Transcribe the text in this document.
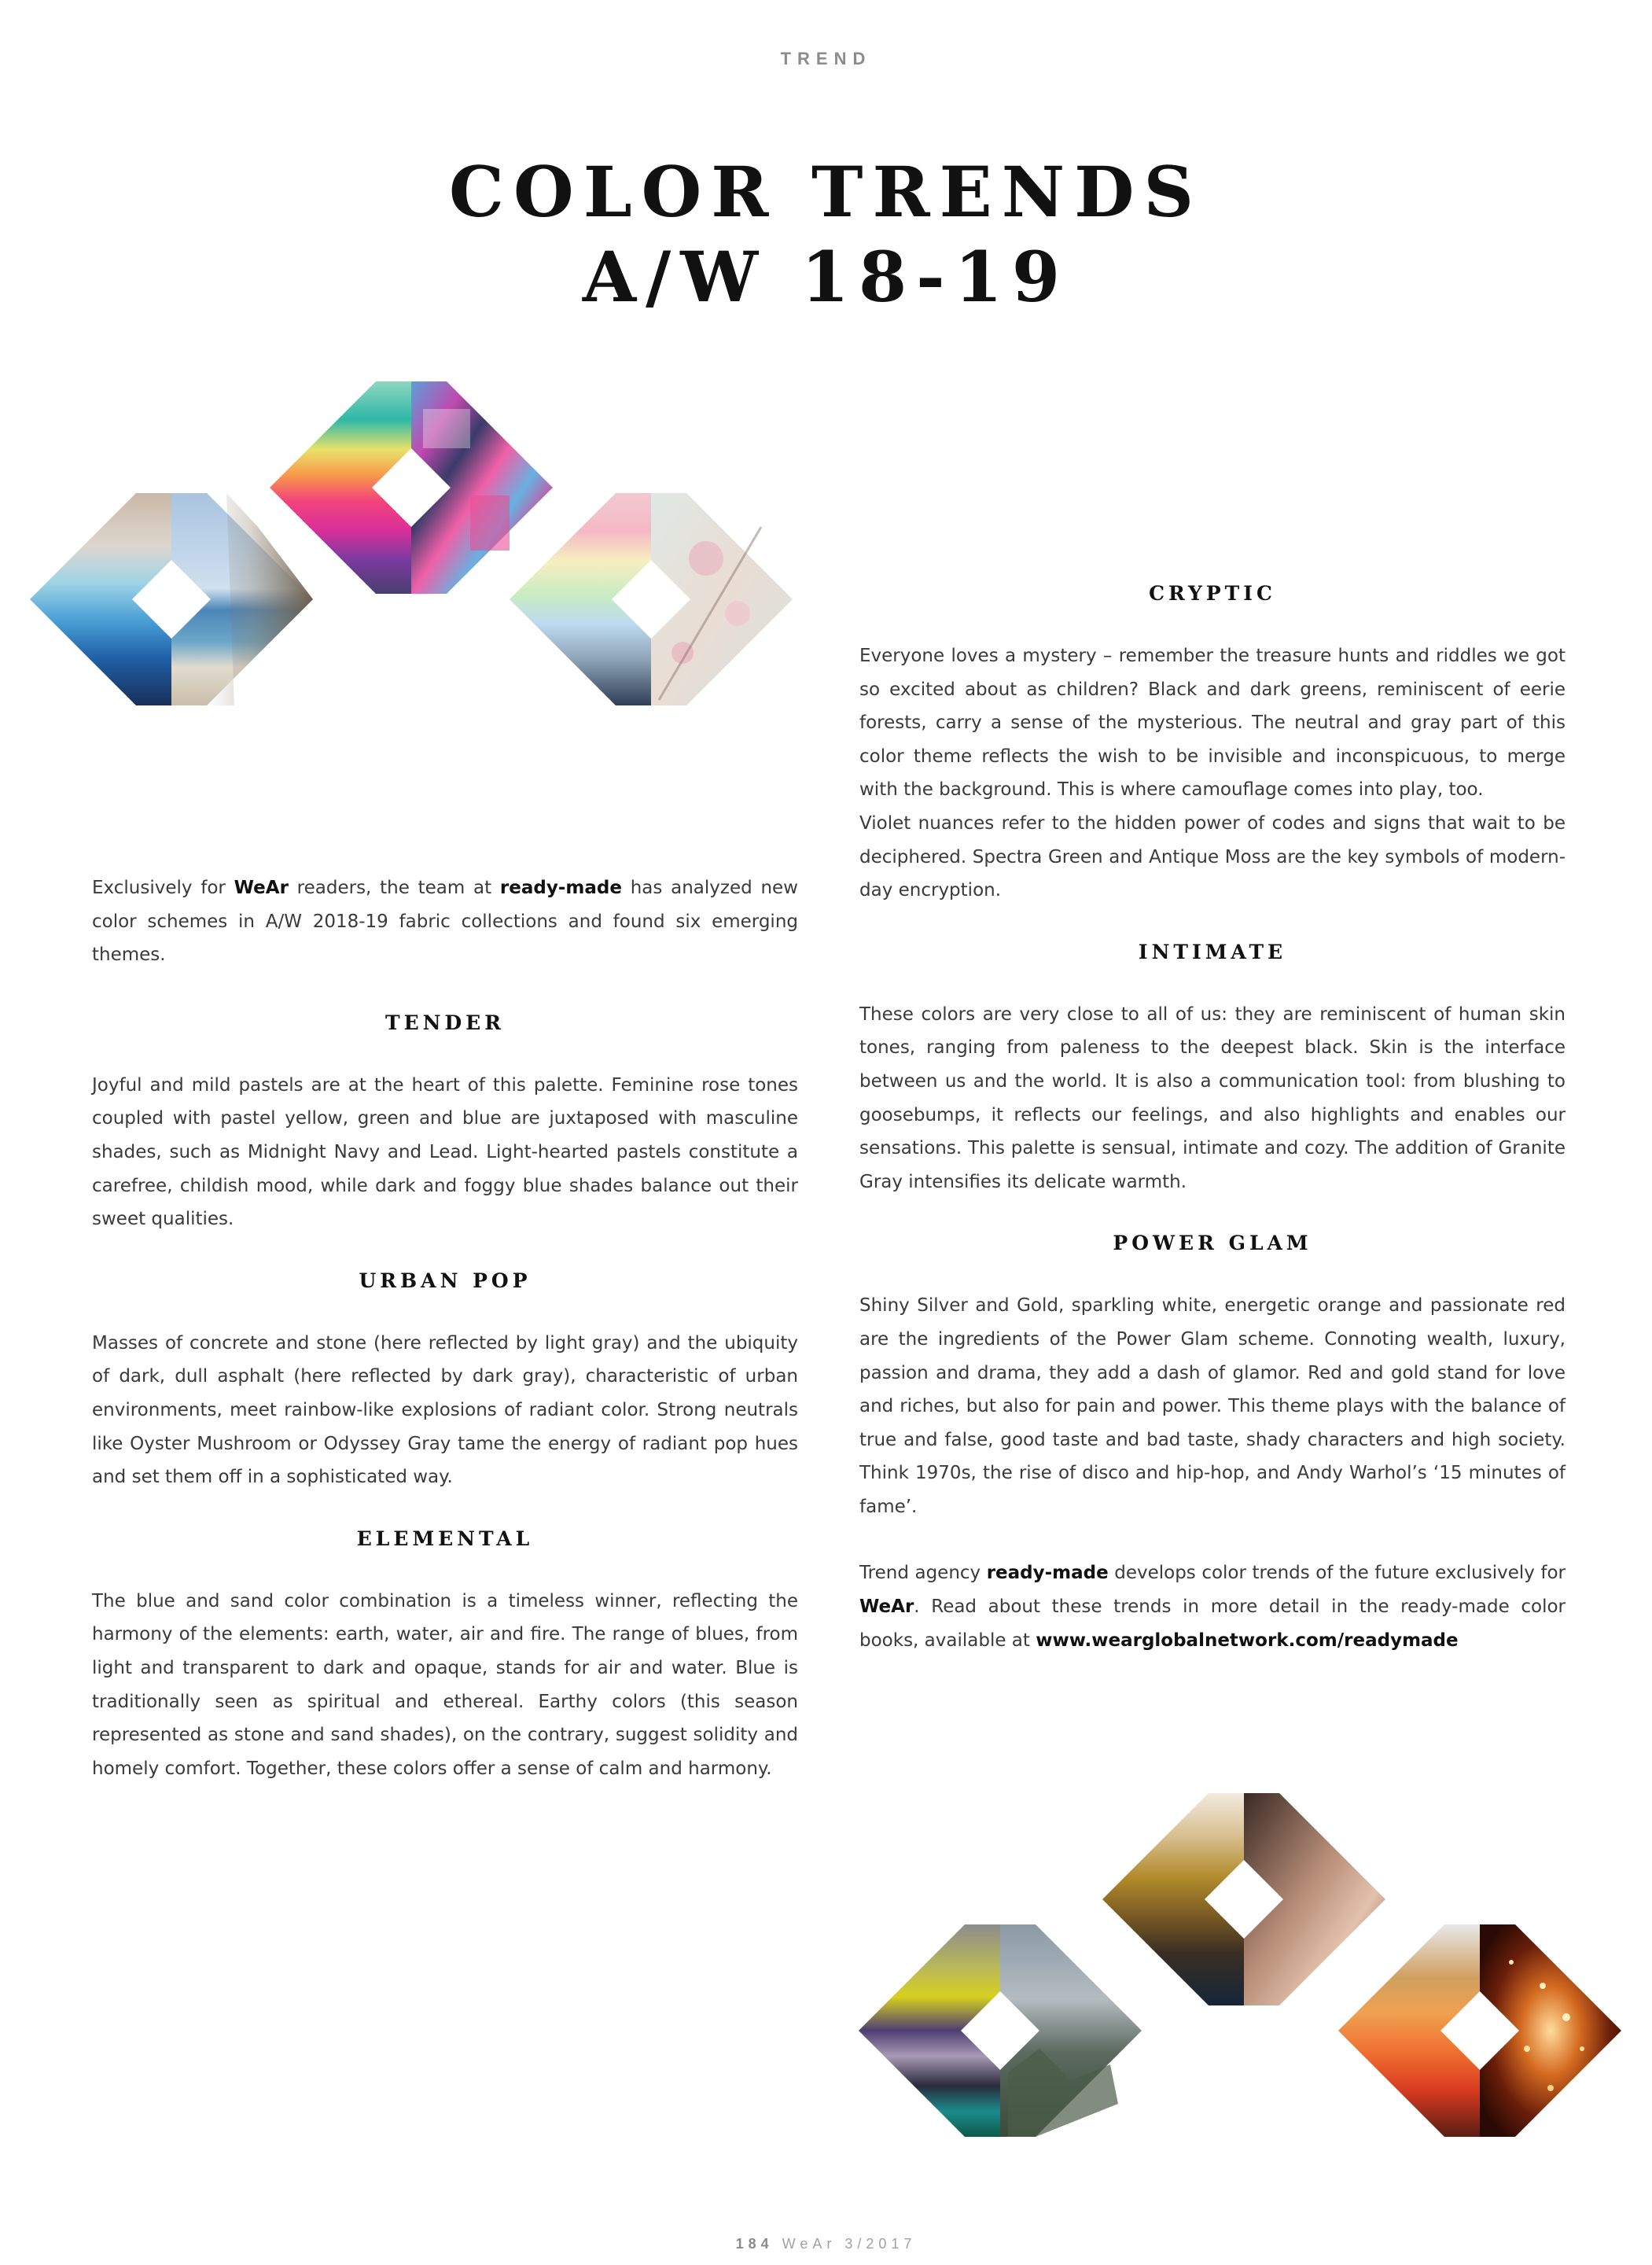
TREND
COLOR TRENDS
A/W 18-19

Exclusively for WeAr readers, the team at ready-made has analyzed new color schemes in A/W 2018-19 fabric collections and found six emerging themes.

TENDER

Joyful and mild pastels are at the heart of this palette. Feminine rose tones coupled with pastel yellow, green and blue are juxtaposed with masculine shades, such as Midnight Navy and Lead. Light-hearted pastels constitute a carefree, childish mood, while dark and foggy blue shades balance out their sweet qualities.

URBAN POP

Masses of concrete and stone (here reflected by light gray) and the ubiquity of dark, dull asphalt (here reflected by dark gray), characteristic of urban environments, meet rainbow-like explosions of radiant color. Strong neutrals like Oyster Mushroom or Odyssey Gray tame the energy of radiant pop hues and set them off in a sophisticated way.

ELEMENTAL

The blue and sand color combination is a timeless winner, reflecting the harmony of the elements: earth, water, air and fire. The range of blues, from light and transparent to dark and opaque, stands for air and water. Blue is traditionally seen as spiritual and ethereal. Earthy colors (this season represented as stone and sand shades), on the contrary, suggest solidity and homely comfort. Together, these colors offer a sense of calm and harmony.

CRYPTIC

Everyone loves a mystery – remember the treasure hunts and riddles we got so excited about as children? Black and dark greens, reminiscent of eerie forests, carry a sense of the mysterious. The neutral and gray part of this color theme reflects the wish to be invisible and inconspicuous, to merge with the background. This is where camouflage comes into play, too.

Violet nuances refer to the hidden power of codes and signs that wait to be deciphered. Spectra Green and Antique Moss are the key symbols of modern-day encryption.

INTIMATE

These colors are very close to all of us: they are reminiscent of human skin tones, ranging from paleness to the deepest black. Skin is the interface between us and the world. It is also a communication tool: from blushing to goosebumps, it reflects our feelings, and also highlights and enables our sensations. This palette is sensual, intimate and cozy. The addition of Granite Gray intensifies its delicate warmth.

POWER GLAM

Shiny Silver and Gold, sparkling white, energetic orange and passionate red are the ingredients of the Power Glam scheme. Connoting wealth, luxury, passion and drama, they add a dash of glamor. Red and gold stand for love and riches, but also for pain and power. This theme plays with the balance of true and false, good taste and bad taste, shady characters and high society. Think 1970s, the rise of disco and hip-hop, and Andy Warhol’s ‘15 minutes of fame’.

Trend agency ready-made develops color trends of the future exclusively for WeAr. Read about these trends in more detail in the ready-made color books, available at www.wearglobalnetwork.com/readymade

184 WeAr 3/2017
